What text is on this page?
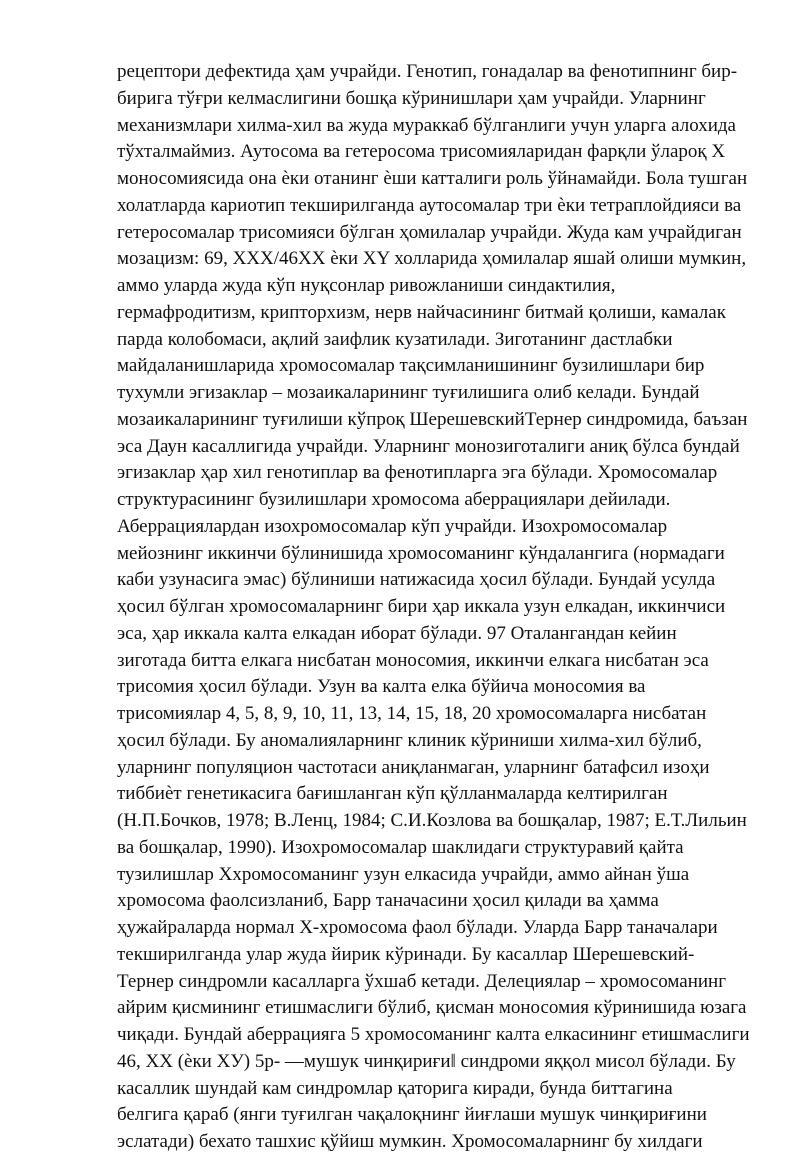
рецептори дефектида ҳам учрайди. Генотип, гонадалар ва фенотипнинг бир-
бирига тўғри келмаслигини бошқа кўринишлари ҳам учрайди. Уларнинг
механизмлари хилма-хил ва жуда мураккаб бўлганлиги учун уларга алохида
тўхталмаймиз. Аутосома ва гетеросома трисомияларидан фарқли ўлароқ X
моносомиясида она ѐки отанинг ѐши катталиги роль ўйнамайди. Бола тушган
холатларда кариотип текширилганда аутосомалар три ѐки тетраплойдияси ва
гетеросомалар трисомияси бўлган ҳомилалар учрайди. Жуда кам учрайдиган
мозацизм: 69, XXX/46XX ѐки XY холларида ҳомилалар яшай олиши мумкин,
аммо уларда жуда кўп нуқсонлар ривожланиши синдактилия,
гермафродитизм, крипторхизм, нерв найчасининг битмай қолиши, камалак
парда колобомаси, ақлий заифлик кузатилади. Зиготанинг дастлабки
майдаланишларида хромосомалар тақсимланишининг бузилишлари бир
тухумли эгизаклар – мозаикаларининг туғилишига олиб келади. Бундай
мозаикаларининг туғилиши кўпроқ ШерешевскийТернер синдромида, баъзан
эса Даун касаллигида учрайди. Уларнинг монозиготалиги аниқ бўлса бундай
эгизаклар ҳар хил генотиплар ва фенотипларга эга бўлади. Хромосомалар
структурасининг бузилишлари хромосома аберрациялари дейилади.
Аберрациялардан изохромосомалар кўп учрайди. Изохромосомалар
мейознинг иккинчи бўлинишида хромосоманинг кўндалангига (нормадаги
каби узунасига эмас) бўлиниши натижасида ҳосил бўлади. Бундай усулда
ҳосил бўлган хромосомаларнинг бири ҳар иккала узун елкадан, иккинчиси
эса, ҳар иккала калта елкадан иборат бўлади. 97 Оталангандан кейин
зиготада битта елкага нисбатан моносомия, иккинчи елкага нисбатан эса
трисомия ҳосил бўлади. Узун ва калта елка бўйича моносомия ва
трисомиялар 4, 5, 8, 9, 10, 11, 13, 14, 15, 18, 20 хромосомаларга нисбатан
ҳосил бўлади. Бу аномалияларнинг клиник кўриниши хилма-хил бўлиб,
уларнинг популяцион частотаси аниқланмаган, уларнинг батафсил изоҳи
тиббиѐт генетикасига бағишланган кўп қўлланмаларда келтирилган
(Н.П.Бочков, 1978; В.Ленц, 1984; С.И.Козлова ва бошқалар, 1987; Е.Т.Лильин
ва бошқалар, 1990). Изохромосомалар шаклидаги структуравий қайта
тузилишлар Xхромосоманинг узун елкасида учрайди, аммо айнан ўша
хромосома фаолсизланиб, Барр таначасини ҳосил қилади ва ҳамма
ҳужайраларда нормал Х-хромосома фаол бўлади. Уларда Барр таначалари
текширилганда улар жуда йирик кўринади. Бу касаллар Шерешевский-
Тернер синдромли касалларга ўхшаб кетади. Делециялар – хромосоманинг
айрим қисмининг етишмаслиги бўлиб, қисман моносомия кўринишида юзага
чиқади. Бундай аберрацияга 5 хромосоманинг калта елкасининг етишмаслиги
46, XX (ѐки XУ) 5р- ―мушук чинқириғи‖ синдроми яққол мисол бўлади. Бу
касаллик шундай кам синдромлар қаторига киради, бунда биттагина
белгига қараб (янги туғилган чақалоқнинг йиғлаши мушук чинқириғини
эслатади) бехато ташхис қўйиш мумкин. Хромосомаларнинг бу хилдаги
